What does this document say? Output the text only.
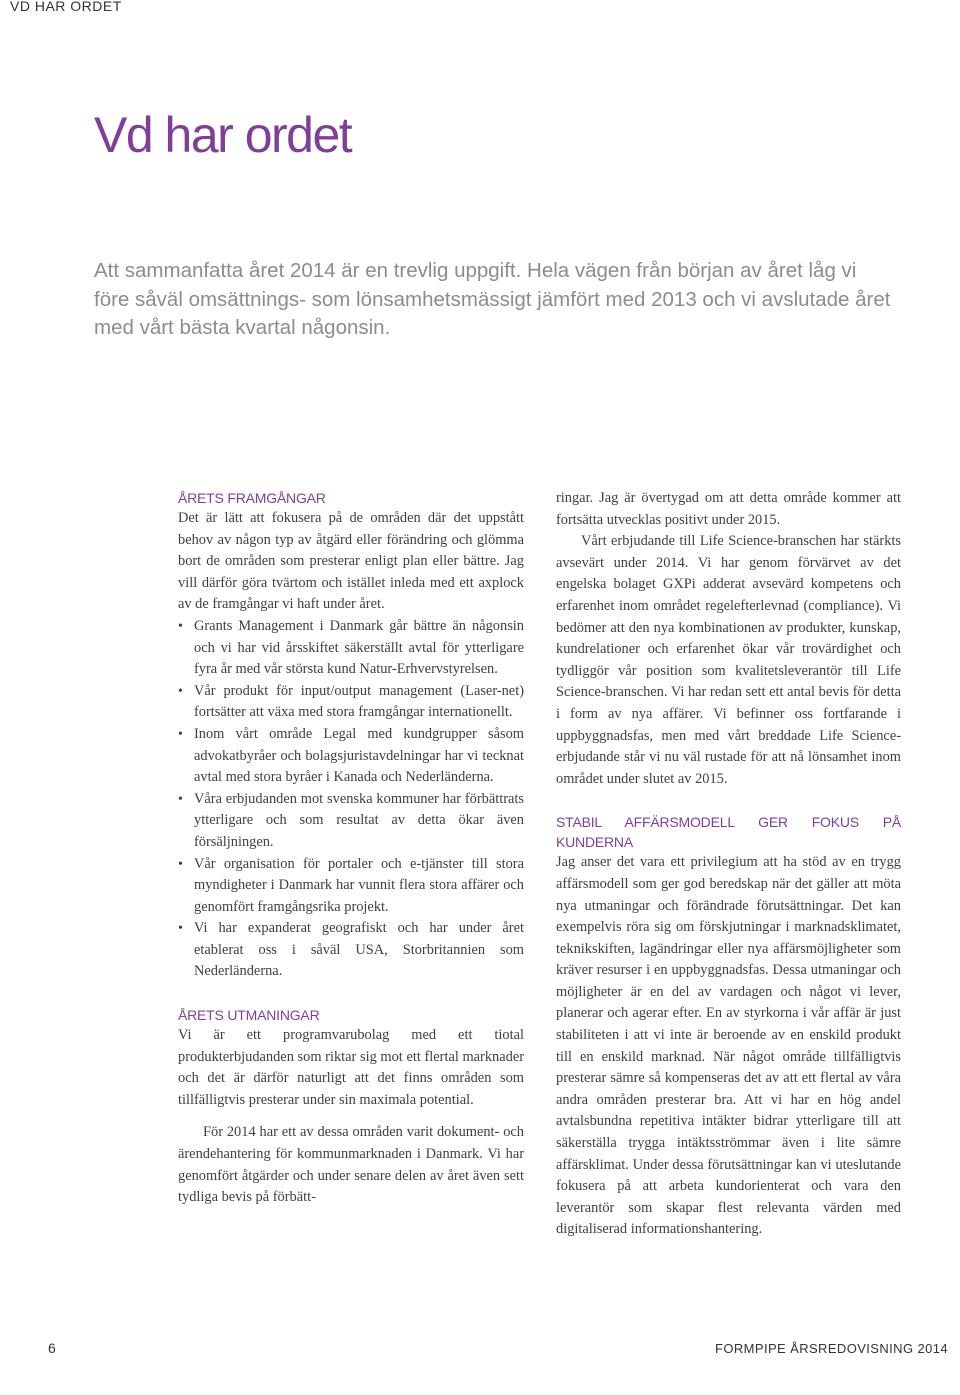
VD HAR ORDET
Vd har ordet

Att sammanfatta året 2014 är en trevlig uppgift. Hela vägen från början av året låg vi före såväl omsättnings- som lönsamhetsmässigt jämfört med 2013 och vi avslutade året med vårt bästa kvartal någonsin.

ÅRETS FRAMGÅNGAR

Det är lätt att fokusera på de områden där det uppstått behov av någon typ av åtgärd eller förändring och glömma bort de områden som presterar enligt plan eller bättre. Jag vill därför göra tvärtom och istället inleda med ett axplock av de framgångar vi haft under året.

• Grants Management i Danmark går bättre än någonsin och vi har vid årsskiftet säkerställt avtal för ytterligare fyra år med vår största kund Natur-Erhvervstyrelsen.
• Vår produkt för input/output management (Laser-net) fortsätter att växa med stora framgångar internationellt.
• Inom vårt område Legal med kundgrupper såsom advokatbyråer och bolagsjuristavdelningar har vi tecknat avtal med stora byråer i Kanada och Nederländerna.
• Våra erbjudanden mot svenska kommuner har förbättrats ytterligare och som resultat av detta ökar även försäljningen.
• Vår organisation för portaler och e-tjänster till stora myndigheter i Danmark har vunnit flera stora affärer och genomfört framgångsrika projekt.
• Vi har expanderat geografiskt och har under året etablerat oss i såväl USA, Storbritannien som Nederländerna.
ÅRETS UTMANINGAR

Vi är ett programvarubolag med ett tiotal produkterbjudanden som riktar sig mot ett flertal marknader och det är därför naturligt att det finns områden som tillfälligtvis presterar under sin maximala potential.

För 2014 har ett av dessa områden varit dokument- och ärendehantering för kommunmarknaden i Danmark. Vi har genomfört åtgärder och under senare delen av året även sett tydliga bevis på förbätt-

ringar. Jag är övertygad om att detta område kommer att fortsätta utvecklas positivt under 2015.

Vårt erbjudande till Life Science-branschen har stärkts avsevärt under 2014. Vi har genom förvärvet av det engelska bolaget GXPi adderat avsevärd kompetens och erfarenhet inom området regelefterlevnad (compliance). Vi bedömer att den nya kombinationen av produkter, kunskap, kundrelationer och erfarenhet ökar vår trovärdighet och tydliggör vår position som kvalitetsleverantör till Life Science-branschen. Vi har redan sett ett antal bevis för detta i form av nya affärer. Vi befinner oss fortfarande i uppbyggnadsfas, men med vårt breddade Life Science-erbjudande står vi nu väl rustade för att nå lönsamhet inom området under slutet av 2015.

STABIL AFFÄRSMODELL GER FOKUS PÅ KUNDERNA

Jag anser det vara ett privilegium att ha stöd av en trygg affärsmodell som ger god beredskap när det gäller att möta nya utmaningar och förändrade förutsättningar. Det kan exempelvis röra sig om förskjutningar i marknadsklimatet, teknikskiften, lagändringar eller nya affärsmöjligheter som kräver resurser i en uppbyggnadsfas. Dessa utmaningar och möjligheter är en del av vardagen och något vi lever, planerar och agerar efter. En av styrkorna i vår affär är just stabiliteten i att vi inte är beroende av en enskild produkt till en enskild marknad. När något område tillfälligtvis presterar sämre så kompenseras det av att ett flertal av våra andra områden presterar bra. Att vi har en hög andel avtalsbundna repetitiva intäkter bidrar ytterligare till att säkerställa trygga intäktsströmmar även i lite sämre affärsklimat. Under dessa förutsättningar kan vi uteslutande fokusera på att arbeta kundorienterat och vara den leverantör som skapar flest relevanta värden med digitaliserad informationshantering.

6	FORMPIPE ÅRSREDOVISNING 2014
